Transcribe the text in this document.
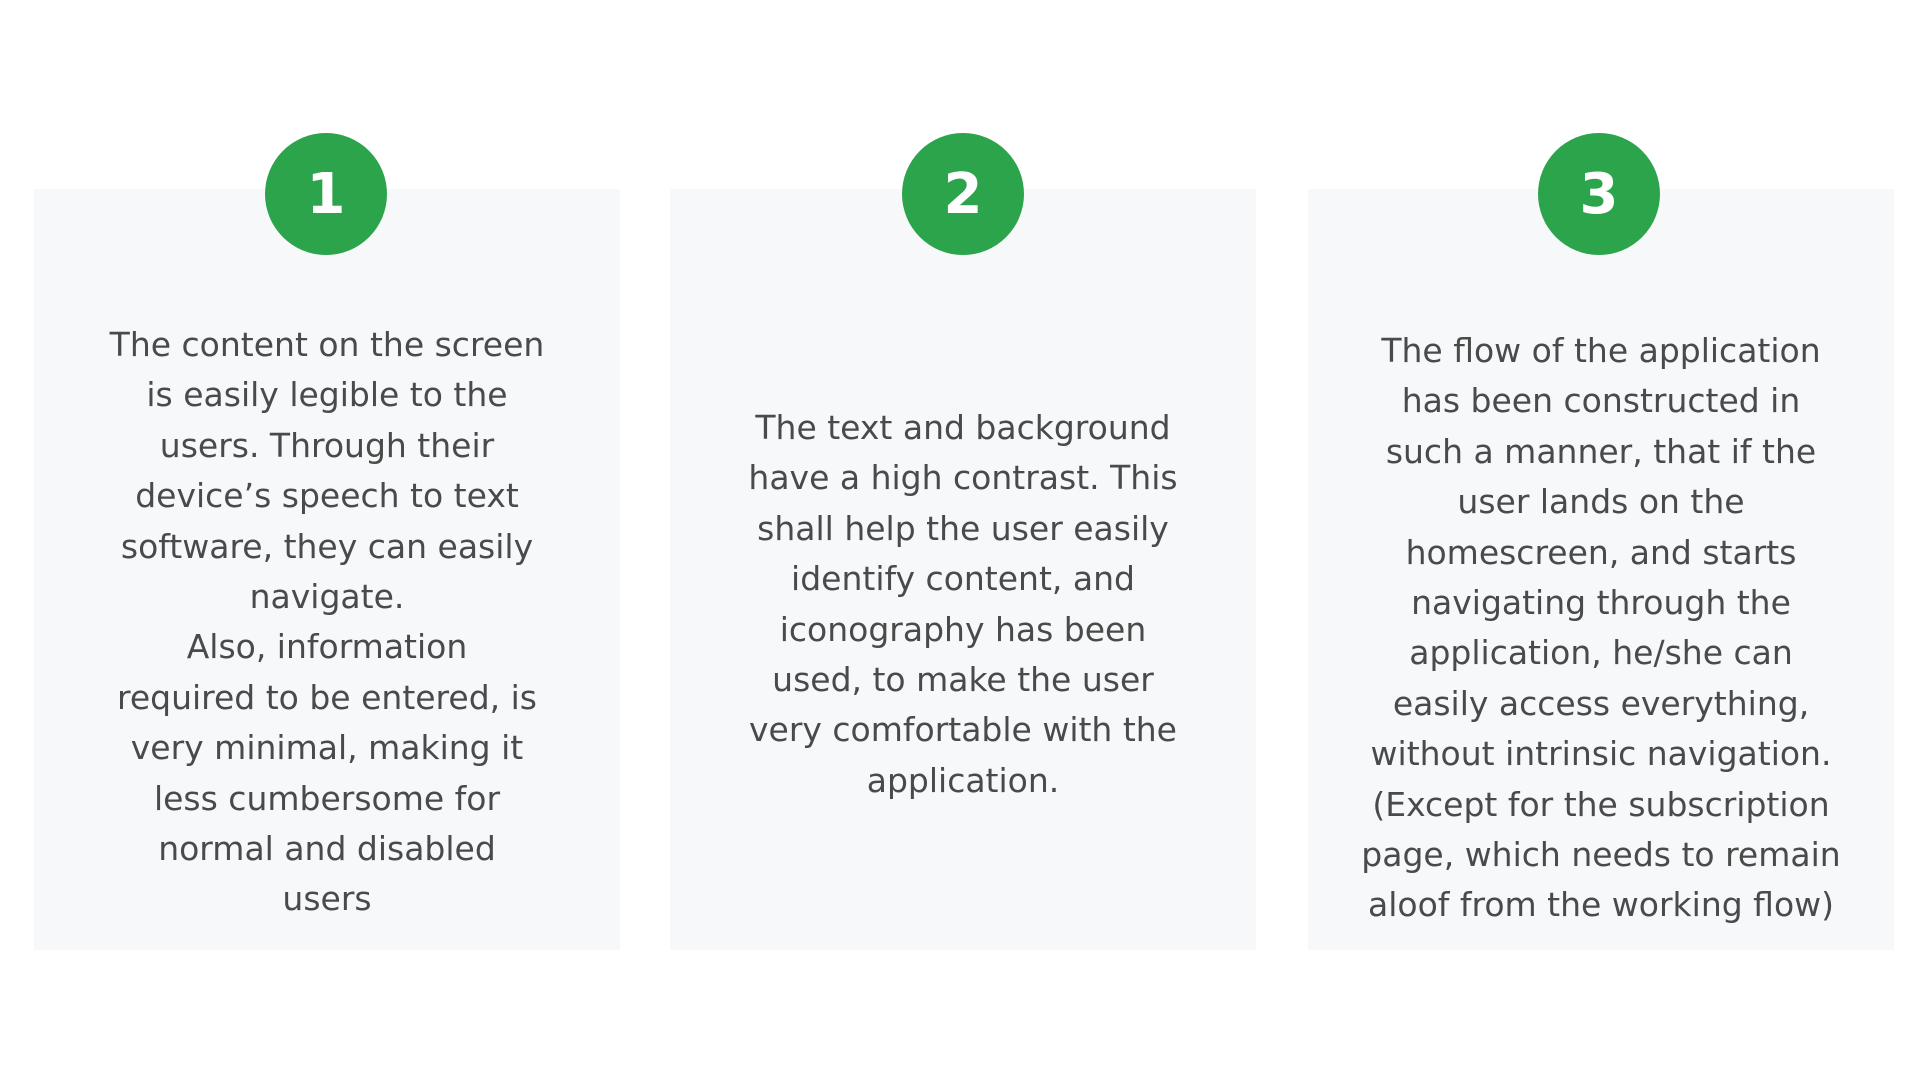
The content on the screen
is easily legible to the
users. Through their
device’s speech to text
software, they can easily
navigate.
Also, information
required to be entered, is
very minimal, making it
less cumbersome for
normal and disabled
users

1

The text and background
have a high contrast. This
shall help the user easily
identify content, and
iconography has been
used, to make the user
very comfortable with the
application.

2

The flow of the application
has been constructed in
such a manner, that if the
user lands on the
homescreen, and starts
navigating through the
application, he/she can
easily access everything,
without intrinsic navigation.
(Except for the subscription
page, which needs to remain
aloof from the working flow)

3
